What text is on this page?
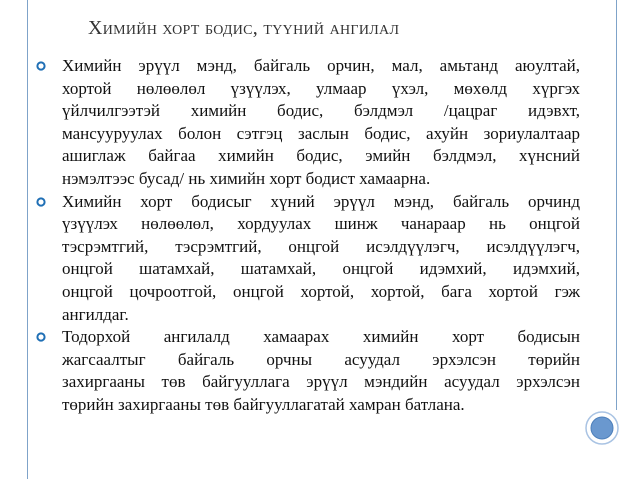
Химийн хорт бодис, түүний ангилал
Химийн эрүүл мэнд, байгаль орчин, мал, амьтанд аюултай,
хортой нөлөөлөл үзүүлэх, улмаар үхэл, мөхөлд хүргэх
үйлчилгээтэй химийн бодис, бэлдмэл /цацраг идэвхт,
мансууруулах болон сэтгэц заслын бодис, ахуйн зориулалтаар
ашиглаж байгаа химийн бодис, эмийн бэлдмэл, хүнсний
нэмэлтээс бусад/ нь химийн хорт бодист хамаарна.
Химийн хорт бодисыг хүний эрүүл мэнд, байгаль орчинд
үзүүлэх нөлөөлөл, хордуулах шинж чанараар нь онцгой
тэсрэмтгий, тэсрэмтгий, онцгой исэлдүүлэгч, исэлдүүлэгч,
онцгой шатамхай, шатамхай, онцгой идэмхий, идэмхий,
онцгой цочроотгой, онцгой хортой, хортой, бага хортой гэж
ангилдаг.
Тодорхой ангилалд хамаарах химийн хорт бодисын
жагсаалтыг байгаль орчны асуудал эрхэлсэн төрийн
захиргааны төв байгууллага эрүүл мэндийн асуудал эрхэлсэн
төрийн захиргааны төв байгууллагатай хамран батлана.
